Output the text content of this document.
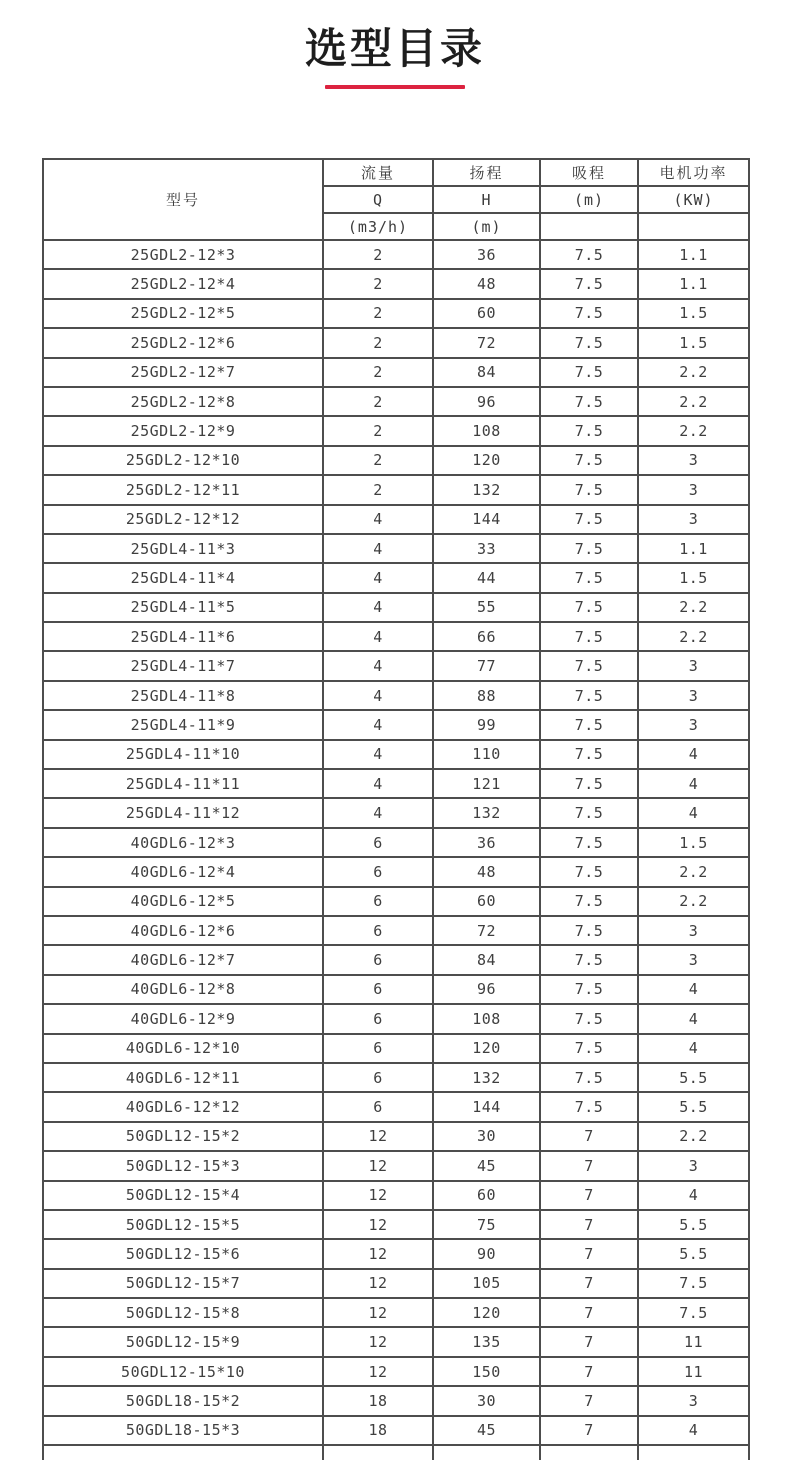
选型目录
型号	流量	扬程	吸程	电机功率
	Q	H	(m)	(KW)
	(m3/h)	(m)		
25GDL2-12*3	2	36	7.5	1.1
25GDL2-12*4	2	48	7.5	1.1
25GDL2-12*5	2	60	7.5	1.5
25GDL2-12*6	2	72	7.5	1.5
25GDL2-12*7	2	84	7.5	2.2
25GDL2-12*8	2	96	7.5	2.2
25GDL2-12*9	2	108	7.5	2.2
25GDL2-12*10	2	120	7.5	3
25GDL2-12*11	2	132	7.5	3
25GDL2-12*12	4	144	7.5	3
25GDL4-11*3	4	33	7.5	1.1
25GDL4-11*4	4	44	7.5	1.5
25GDL4-11*5	4	55	7.5	2.2
25GDL4-11*6	4	66	7.5	2.2
25GDL4-11*7	4	77	7.5	3
25GDL4-11*8	4	88	7.5	3
25GDL4-11*9	4	99	7.5	3
25GDL4-11*10	4	110	7.5	4
25GDL4-11*11	4	121	7.5	4
25GDL4-11*12	4	132	7.5	4
40GDL6-12*3	6	36	7.5	1.5
40GDL6-12*4	6	48	7.5	2.2
40GDL6-12*5	6	60	7.5	2.2
40GDL6-12*6	6	72	7.5	3
40GDL6-12*7	6	84	7.5	3
40GDL6-12*8	6	96	7.5	4
40GDL6-12*9	6	108	7.5	4
40GDL6-12*10	6	120	7.5	4
40GDL6-12*11	6	132	7.5	5.5
40GDL6-12*12	6	144	7.5	5.5
50GDL12-15*2	12	30	7	2.2
50GDL12-15*3	12	45	7	3
50GDL12-15*4	12	60	7	4
50GDL12-15*5	12	75	7	5.5
50GDL12-15*6	12	90	7	5.5
50GDL12-15*7	12	105	7	7.5
50GDL12-15*8	12	120	7	7.5
50GDL12-15*9	12	135	7	11
50GDL12-15*10	12	150	7	11
50GDL18-15*2	18	30	7	3
50GDL18-15*3	18	45	7	4
